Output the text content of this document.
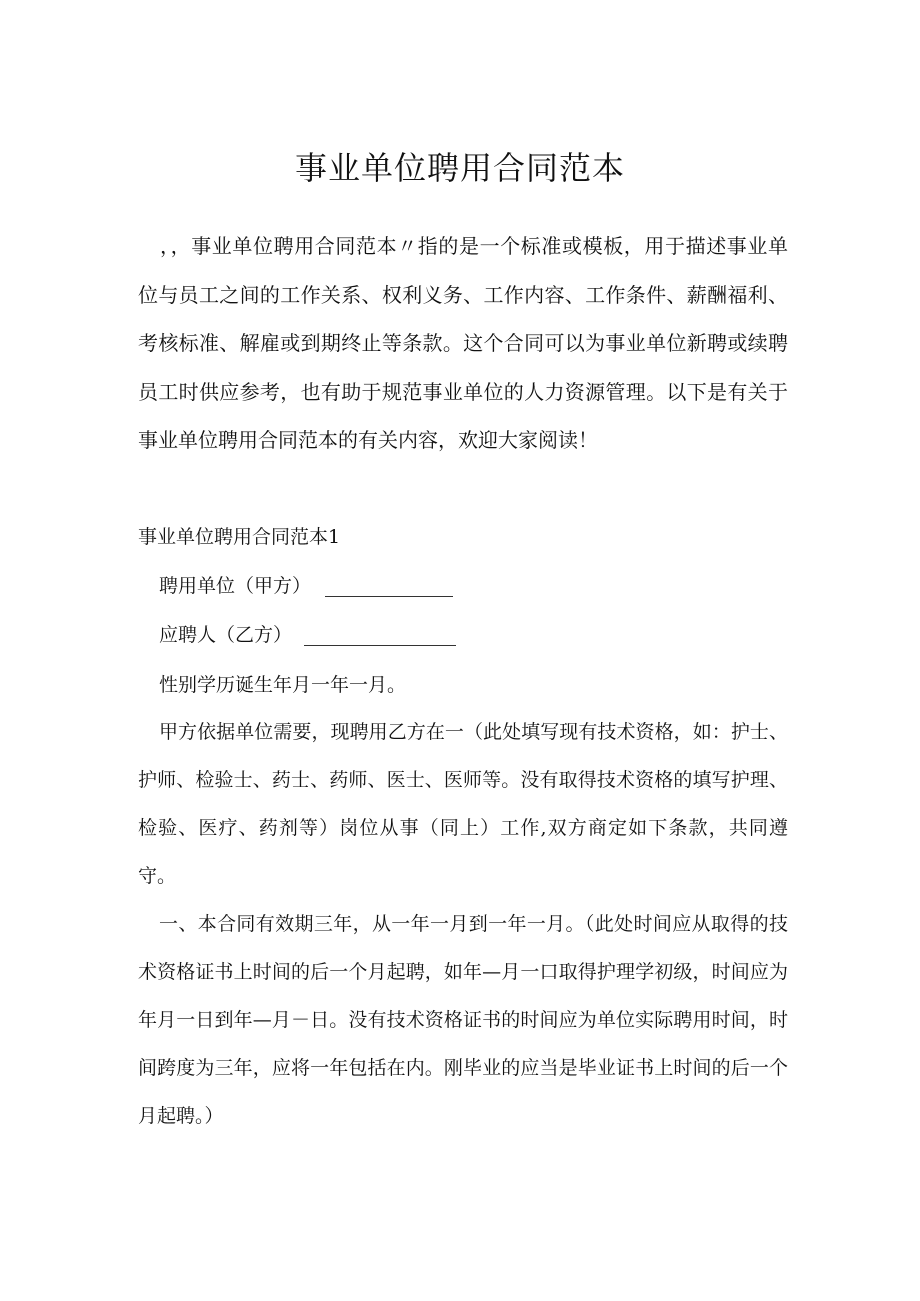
事业单位聘用合同范本

，，事业单位聘用合同范本〃指的是一个标准或模板，用于描述事业单位与员工之间的工作关系、权利义务、工作内容、工作条件、薪酬福利、考核标准、解雇或到期终止等条款。这个合同可以为事业单位新聘或续聘员工时供应参考，也有助于规范事业单位的人力资源管理。以下是有关于事业单位聘用合同范本的有关内容，欢迎大家阅读！

事业单位聘用合同范本1

聘用单位（甲方）
应聘人（乙方）

性别学历诞生年月一年一月。

甲方依据单位需要，现聘用乙方在一（此处填写现有技术资格，如：护士、护师、检验士、药士、药师、医士、医师等。没有取得技术资格的填写护理、检验、医疗、药剂等）岗位从事（同上）工作,双方商定如下条款，共同遵守。

一、本合同有效期三年，从一年一月到一年一月。（此处时间应从取得的技术资格证书上时间的后一个月起聘，如年—月一口取得护理学初级，时间应为年月一日到年—月－日。没有技术资格证书的时间应为单位实际聘用时间，时间跨度为三年，应将一年包括在内。刚毕业的应当是毕业证书上时间的后一个月起聘。）
